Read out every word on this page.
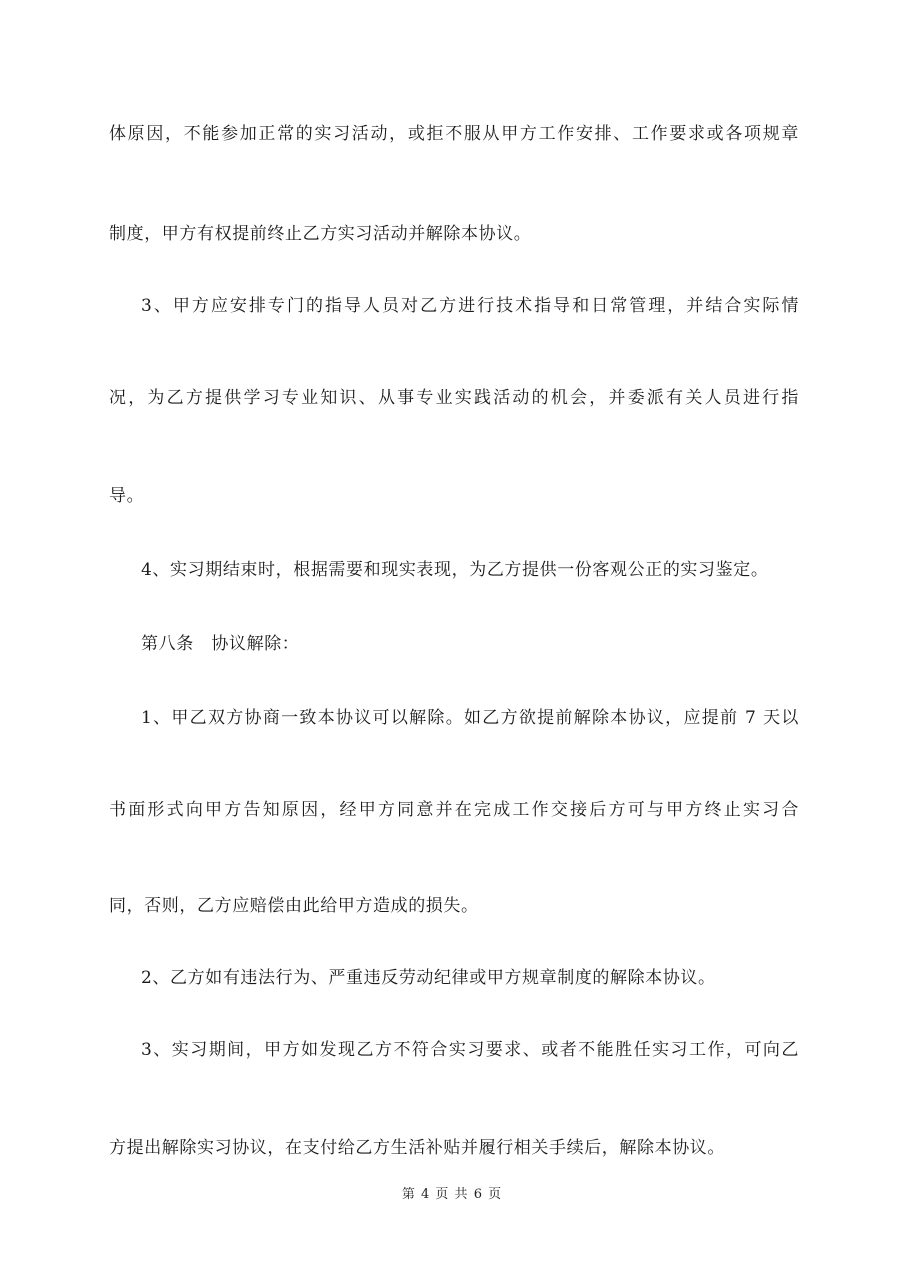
体原因，不能参加正常的实习活动，或拒不服从甲方工作安排、工作要求或各项规章
制度，甲方有权提前终止乙方实习活动并解除本协议。
3、甲方应安排专门的指导人员对乙方进行技术指导和日常管理，并结合实际情
况，为乙方提供学习专业知识、从事专业实践活动的机会，并委派有关人员进行指
导。
4、实习期结束时，根据需要和现实表现，为乙方提供一份客观公正的实习鉴定。
第八条　协议解除：
1、甲乙双方协商一致本协议可以解除。如乙方欲提前解除本协议，应提前 7 天以
书面形式向甲方告知原因，经甲方同意并在完成工作交接后方可与甲方终止实习合
同，否则，乙方应赔偿由此给甲方造成的损失。
2、乙方如有违法行为、严重违反劳动纪律或甲方规章制度的解除本协议。
3、实习期间，甲方如发现乙方不符合实习要求、或者不能胜任实习工作，可向乙
方提出解除实习协议，在支付给乙方生活补贴并履行相关手续后，解除本协议。
第 4 页 共 6 页
